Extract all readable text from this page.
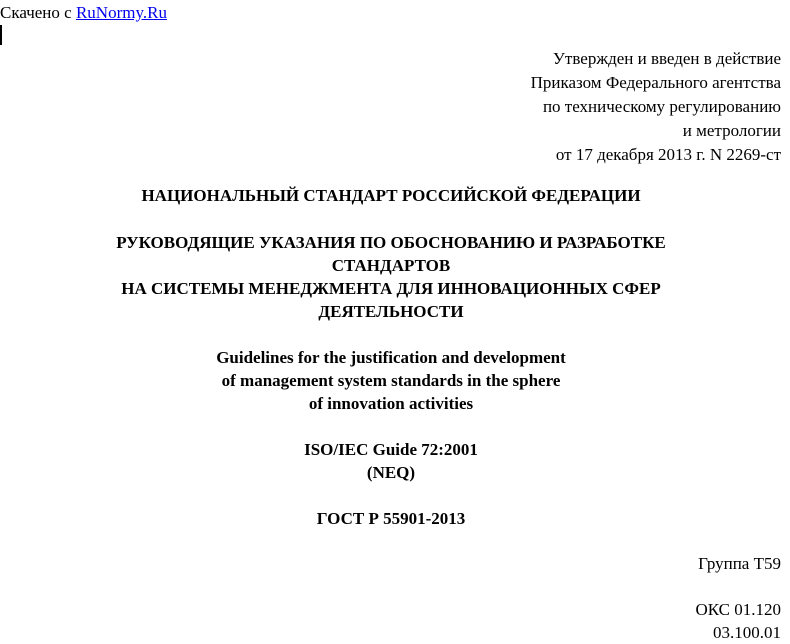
Скачено с RuNormy.Ru
Утвержден и введен в действие
Приказом Федерального агентства
по техническому регулированию
и метрологии
от 17 декабря 2013 г. N 2269-ст
НАЦИОНАЛЬНЫЙ СТАНДАРТ РОССИЙСКОЙ ФЕДЕРАЦИИ
РУКОВОДЯЩИЕ УКАЗАНИЯ ПО ОБОСНОВАНИЮ И РАЗРАБОТКЕ
СТАНДАРТОВ
НА СИСТЕМЫ МЕНЕДЖМЕНТА ДЛЯ ИННОВАЦИОННЫХ СФЕР
ДЕЯТЕЛЬНОСТИ
Guidelines for the justification and development
of management system standards in the sphere
of innovation activities
ISO/IEC Guide 72:2001
(NEQ)
ГОСТ Р 55901-2013
Группа Т59
ОКС 01.120
03.100.01
